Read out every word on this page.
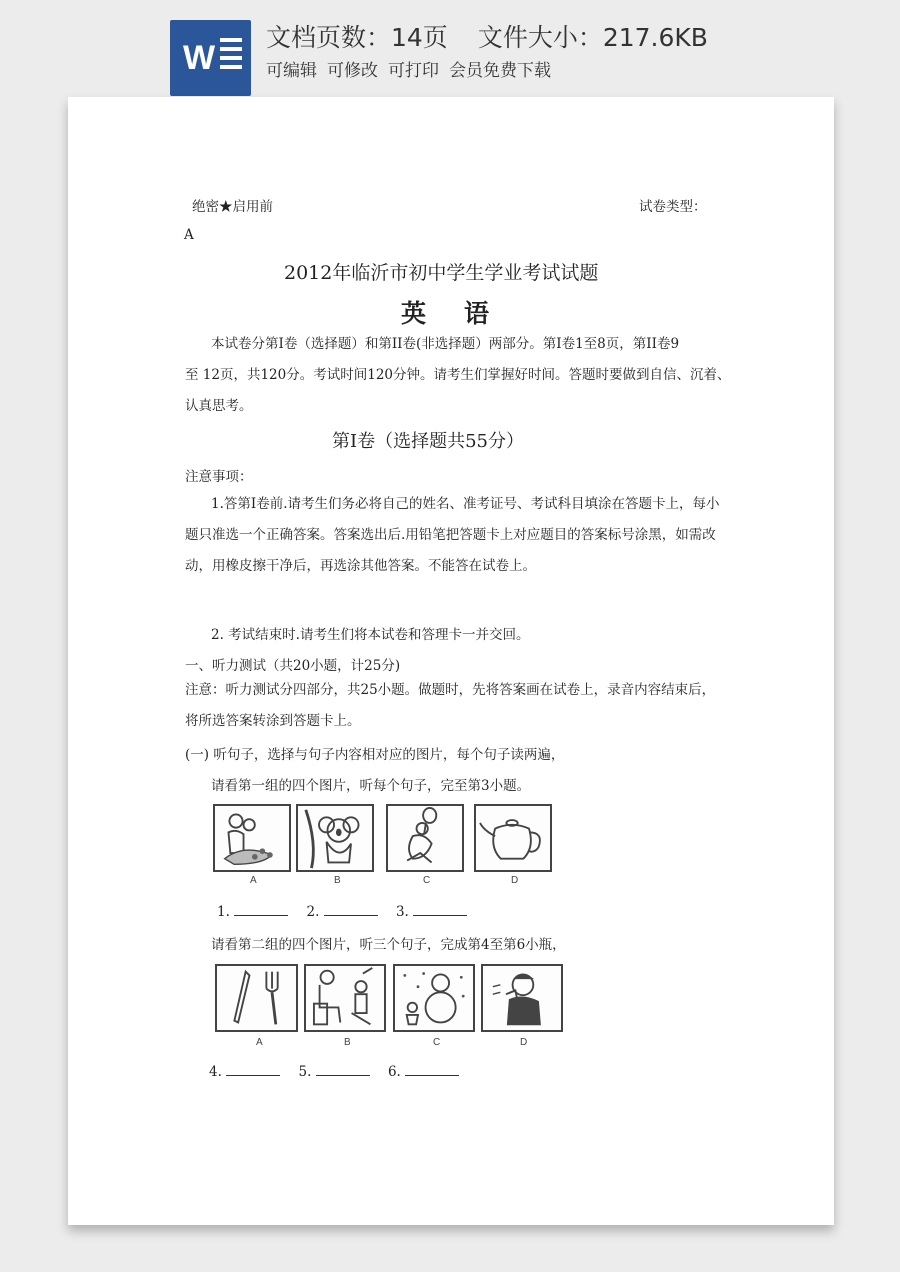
W
文档页数：14页 文件大小：217.6KB
可编辑 可修改 可打印 会员免费下载
绝密★启用前	试卷类型：
A
2012年临沂市初中学生学业考试试题
英语
本试卷分第I卷（选择题）和第II卷(非选择题）两部分。第I卷1至8页，第II卷9
至 12页，共120分。考试时间120分钟。请考生们掌握好时间。答题时要做到自信、沉着、
认真思考。
第I卷（选择题共55分）
注意事项：
1.答第I卷前.请考生们务必将自己的姓名、准考证号、考试科目填涂在答题卡上，每小
题只准选一个正确答案。答案选出后.用铅笔把答题卡上对应题目的答案标号涂黑，如需改
动，用橡皮擦干净后，再选涂其他答案。不能答在试卷上。
2. 考试结束时.请考生们将本试卷和答理卡一并交回。
一、听力测试（共20小题，计25分)
注意：听力测试分四部分，共25小题。做题时，先将答案画在试卷上，录音内容结束后，
将所选答案转涂到答题卡上。
(一) 听句子，选择与句子内容相对应的图片，每个句子读两遍，
请看第一组的四个图片，听每个句子，完至第3小题。
A	B	C	D
1.	2.	3.
请看第二组的四个图片，听三个句子，完成第4至第6小瓶，
A	B	C	D
4.	5.	6.
